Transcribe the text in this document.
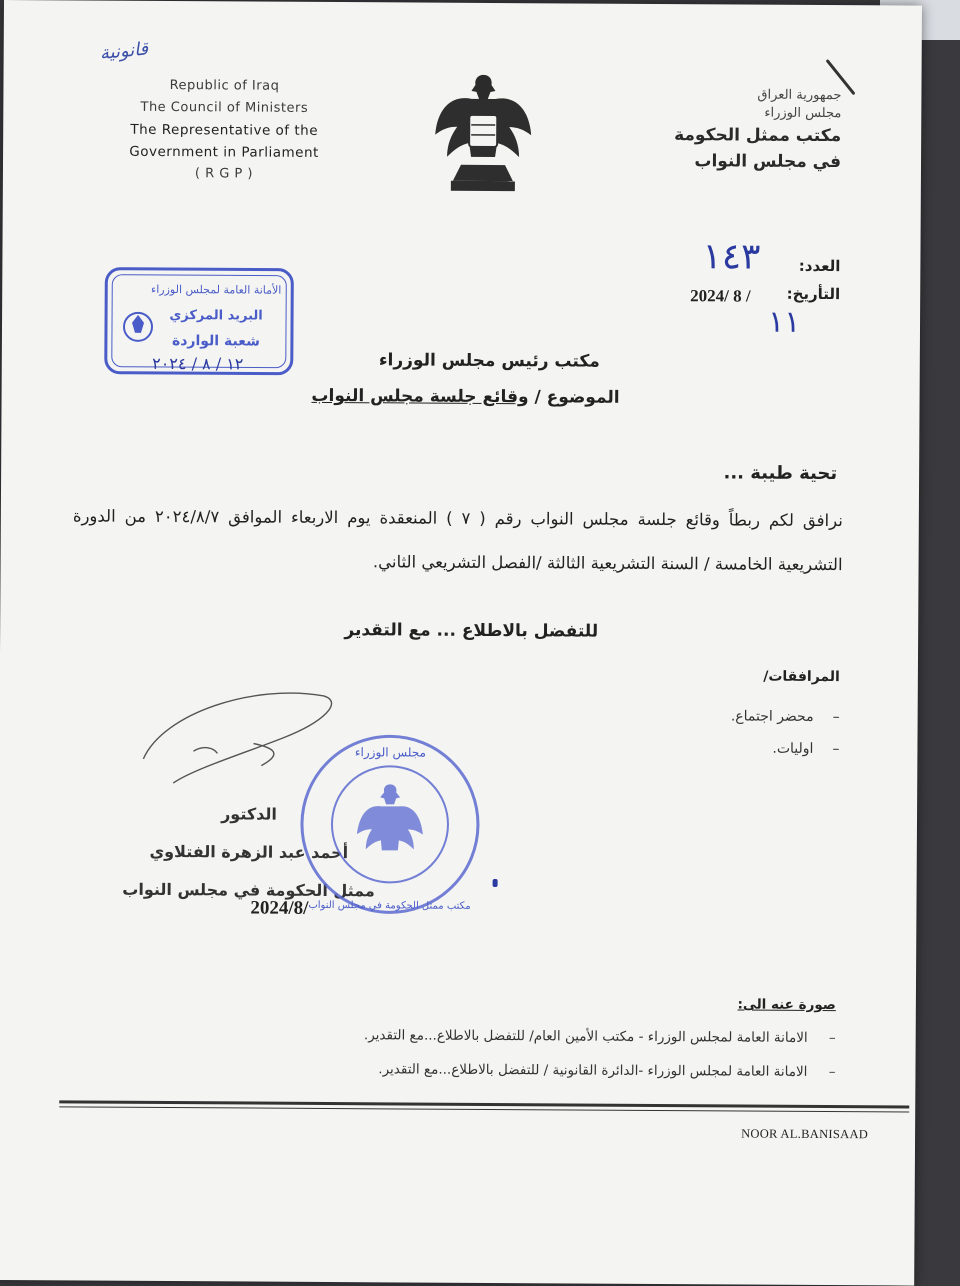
قانونية
Republic of Iraq
The Council of Ministers
The Representative of the
Government in Parliament
( R G P )
جمهورية العراق
مجلس الوزراء
مكتب ممثل الحكومة
في مجلس النواب
العدد:
١٤٣
التأريخ:
2024/ 8 /
١١
الأمانة العامة لمجلس الوزراء
البريد المركزي
شعبة الواردة
١٢ / ٨ / ٢٠٢٤	مكتب رئيس مجلس الوزراء
الموضوع / وقائع جلسة مجلس النواب
تحية طيبة ...
نرافق لكم ربطاً وقائع جلسة مجلس النواب رقم ( ٧ ) المنعقدة يوم الاربعاء الموافق ٢٠٢٤/٨/٧ من الدورة التشريعية الخامسة / السنة التشريعية الثالثة /الفصل التشريعي الثاني.
للتفضل بالاطلاع ... مع التقدير
المرافقات/
– محضر اجتماع.
– اوليات.
الدكتور
أحمد عبد الزهرة الفتلاوي
ممثل الحكومة في مجلس النواب
2024/8/
مجلس الوزراء
مكتب ممثل الحكومة في مجلس النواب
صورة عنه الى:
– الامانة العامة لمجلس الوزراء - مكتب الأمين العام/ للتفضل بالاطلاع...مع التقدير.
– الامانة العامة لمجلس الوزراء -الدائرة القانونية / للتفضل بالاطلاع...مع التقدير.
NOOR AL.BANISAAD
